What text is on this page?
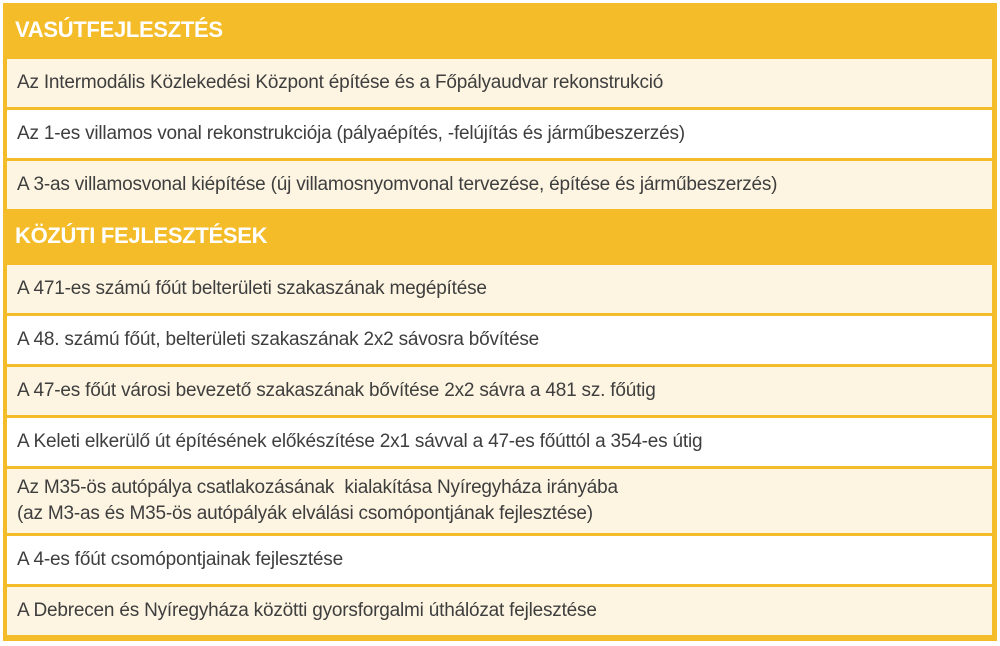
VASÚTFEJLESZTÉS
Az Intermodális Közlekedési Központ építése és a Főpályaudvar rekonstrukció
Az 1-es villamos vonal rekonstrukciója (pályaépítés, -felújítás és járműbeszerzés)
A 3-as villamosvonal kiépítése (új villamosnyomvonal tervezése, építése és járműbeszerzés)
KÖZÚTI FEJLESZTÉSEK
A 471-es számú főút belterületi szakaszának megépítése
A 48. számú főút, belterületi szakaszának 2x2 sávosra bővítése
A 47-es főút városi bevezető szakaszának bővítése 2x2 sávra a 481 sz. főútig
A Keleti elkerülő út építésének előkészítése 2x1 sávval a 47-es főúttól a 354-es útig
Az M35-ös autópálya csatlakozásának  kialakítása Nyíregyháza irányába
(az M3-as és M35-ös autópályák elválási csomópontjának fejlesztése)
A 4-es főút csomópontjainak fejlesztése
A Debrecen és Nyíregyháza közötti gyorsforgalmi úthálózat fejlesztése
